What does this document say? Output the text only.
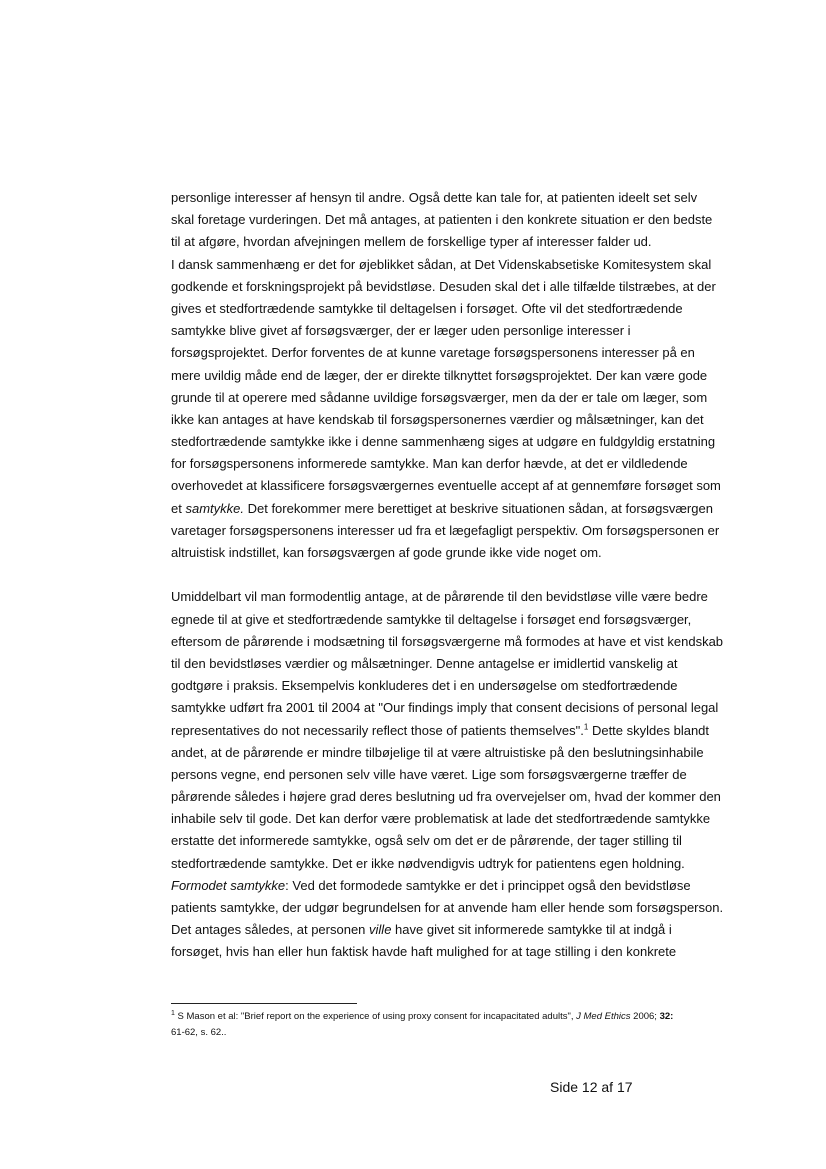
personlige interesser af hensyn til andre. Også dette kan tale for, at patienten ideelt set selv
skal foretage vurderingen. Det må antages, at patienten i den konkrete situation er den bedste
til at afgøre, hvordan afvejningen mellem de forskellige typer af interesser falder ud.
I dansk sammenhæng er det for øjeblikket sådan, at Det Videnskabsetiske Komitesystem skal
godkende et forskningsprojekt på bevidstløse. Desuden skal det i alle tilfælde tilstræbes, at der
gives et stedfortrædende samtykke til deltagelsen i forsøget. Ofte vil det stedfortrædende
samtykke blive givet af forsøgsværger, der er læger uden personlige interesser i
forsøgsprojektet. Derfor forventes de at kunne varetage forsøgspersonens interesser på en
mere uvildig måde end de læger, der er direkte tilknyttet forsøgsprojektet. Der kan være gode
grunde til at operere med sådanne uvildige forsøgsværger, men da der er tale om læger, som
ikke kan antages at have kendskab til forsøgspersonernes værdier og målsætninger, kan det
stedfortrædende samtykke ikke i denne sammenhæng siges at udgøre en fuldgyldig erstatning
for forsøgspersonens informerede samtykke. Man kan derfor hævde, at det er vildledende
overhovedet at klassificere forsøgsværgernes eventuelle accept af at gennemføre forsøget som
et samtykke. Det forekommer mere berettiget at beskrive situationen sådan, at forsøgsværgen
varetager forsøgspersonens interesser ud fra et lægefagligt perspektiv. Om forsøgspersonen er
altruistisk indstillet, kan forsøgsværgen af gode grunde ikke vide noget om.
Umiddelbart vil man formodentlig antage, at de pårørende til den bevidstløse ville være bedre
egnede til at give et stedfortrædende samtykke til deltagelse i forsøget end forsøgsværger,
eftersom de pårørende i modsætning til forsøgsværgerne må formodes at have et vist kendskab
til den bevidstløses værdier og målsætninger. Denne antagelse er imidlertid vanskelig at
godtgøre i praksis. Eksempelvis konkluderes det i en undersøgelse om stedfortrædende
samtykke udført fra 2001 til 2004 at "Our findings imply that consent decisions of personal legal
representatives do not necessarily reflect those of patients themselves".$^1$ Dette skyldes blandt
andet, at de pårørende er mindre tilbøjelige til at være altruistiske på den beslutningsinhabile
persons vegne, end personen selv ville have været. Lige som forsøgsværgerne træffer de
pårørende således i højere grad deres beslutning ud fra overvejelser om, hvad der kommer den
inhabile selv til gode. Det kan derfor være problematisk at lade det stedfortrædende samtykke
erstatte det informerede samtykke, også selv om det er de pårørende, der tager stilling til
stedfortrædende samtykke. Det er ikke nødvendigvis udtryk for patientens egen holdning.
Formodet samtykke: Ved det formodede samtykke er det i princippet også den bevidstløse
patients samtykke, der udgør begrundelsen for at anvende ham eller hende som forsøgsperson.
Det antages således, at personen ville have givet sit informerede samtykke til at indgå i
forsøget, hvis han eller hun faktisk havde haft mulighed for at tage stilling i den konkrete
$^1$ S Mason et al: "Brief report on the experience of using proxy consent for incapacitated adults", J Med Ethics 2006; 32:
61-62, s. 62..
Side 12 af 17
